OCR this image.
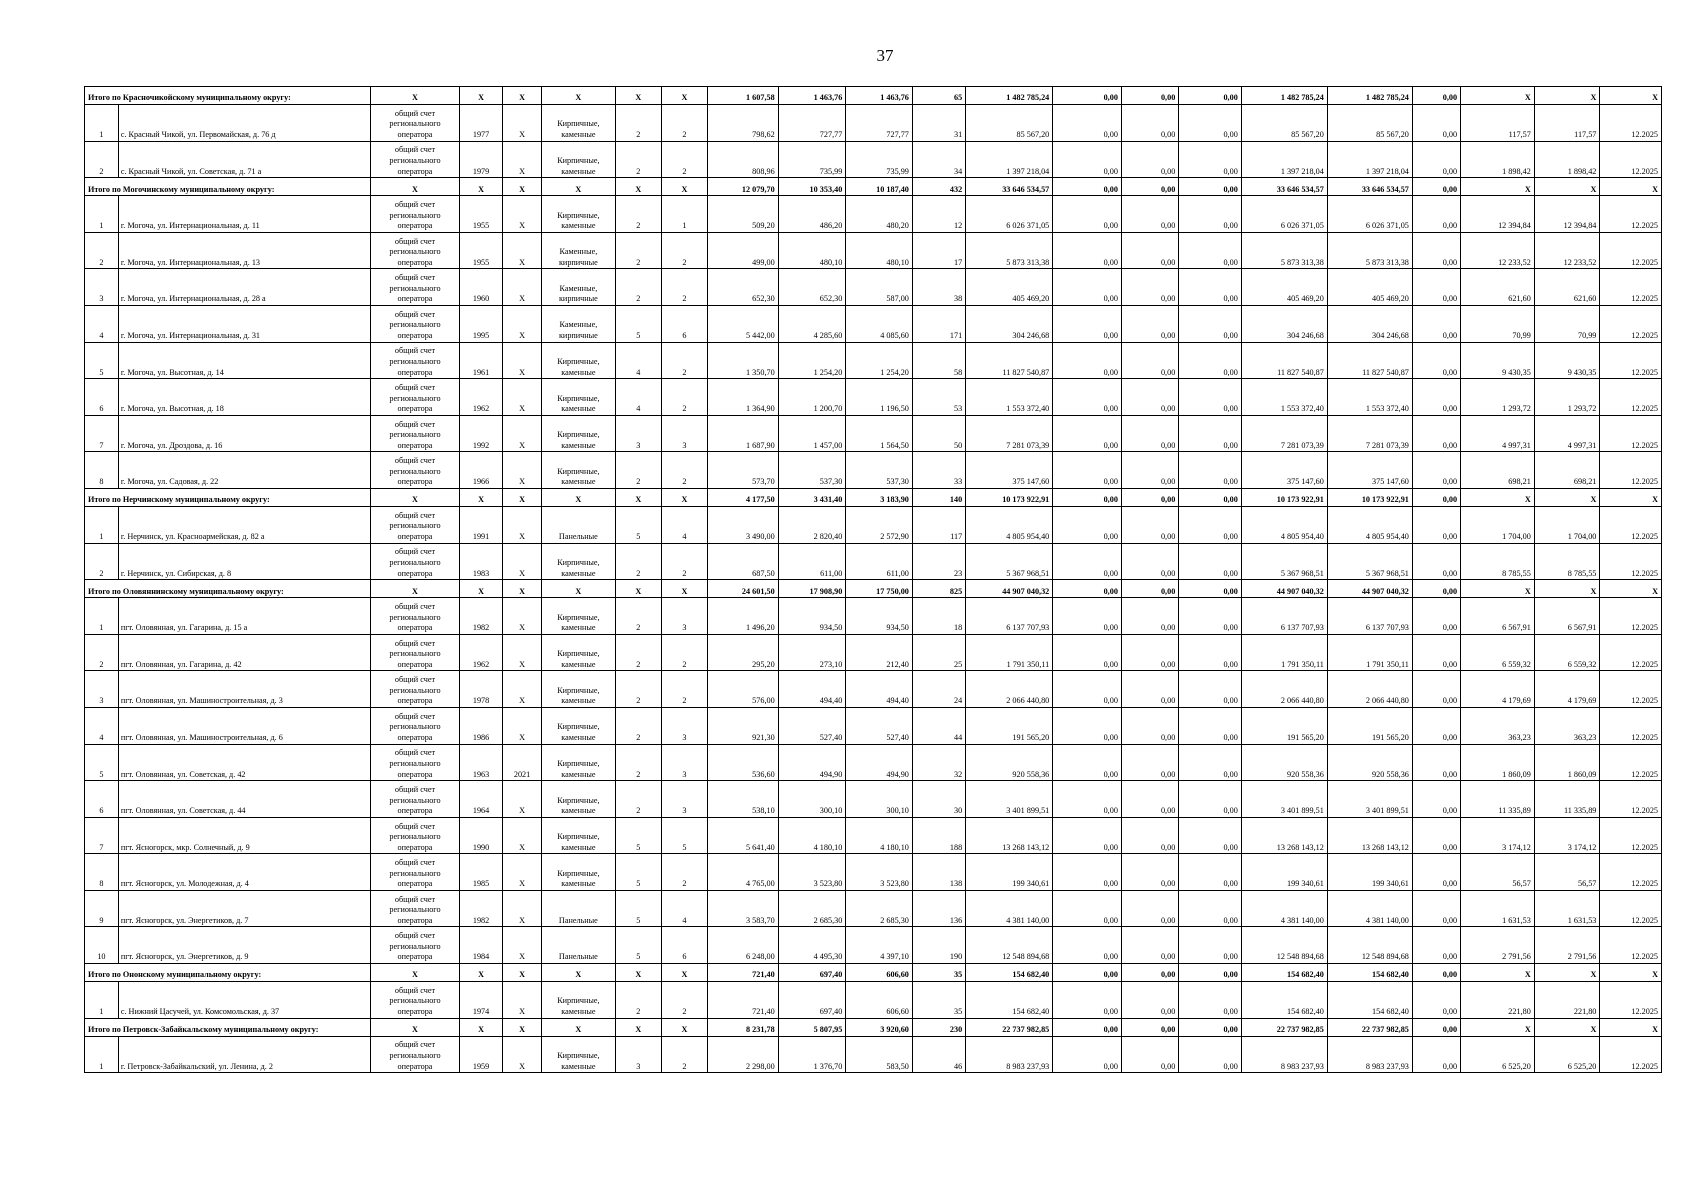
37
Итого по Красночикойскому муниципальному округу:		X	X	X	X	X	X	1 607,58	1 463,76	1 463,76	65	1 482 785,24	0,00	0,00	0,00	1 482 785,24	1 482 785,24	0,00	X	X	X
1	с. Красный Чикой, ул. Первомайская, д. 76 д	общий счет регионального оператора	1977	X	Кирпичные, каменные	2	2	798,62	727,77	727,77	31	85 567,20	0,00	0,00	0,00	85 567,20	85 567,20	0,00	117,57	117,57	12.2025
2	с. Красный Чикой, ул. Советская, д. 71 а	общий счет регионального оператора	1979	X	Кирпичные, каменные	2	2	808,96	735,99	735,99	34	1 397 218,04	0,00	0,00	0,00	1 397 218,04	1 397 218,04	0,00	1 898,42	1 898,42	12.2025
Итого по Могочинскому муниципальному округу:		X	X	X	X	X	X	12 079,70	10 353,40	10 187,40	432	33 646 534,57	0,00	0,00	0,00	33 646 534,57	33 646 534,57	0,00	X	X	X
1	г. Могоча, ул. Интернациональная, д. 11	общий счет регионального оператора	1955	X	Кирпичные, каменные	2	1	509,20	486,20	480,20	12	6 026 371,05	0,00	0,00	0,00	6 026 371,05	6 026 371,05	0,00	12 394,84	12 394,84	12.2025
2	г. Могоча, ул. Интернациональная, д. 13	общий счет регионального оператора	1955	X	Каменные, кирпичные	2	2	499,00	480,10	480,10	17	5 873 313,38	0,00	0,00	0,00	5 873 313,38	5 873 313,38	0,00	12 233,52	12 233,52	12.2025
3	г. Могоча, ул. Интернациональная, д. 28 а	общий счет регионального оператора	1960	X	Каменные, кирпичные	2	2	652,30	652,30	587,00	38	405 469,20	0,00	0,00	0,00	405 469,20	405 469,20	0,00	621,60	621,60	12.2025
4	г. Могоча, ул. Интернациональная, д. 31	общий счет регионального оператора	1995	X	Каменные, кирпичные	5	6	5 442,00	4 285,60	4 085,60	171	304 246,68	0,00	0,00	0,00	304 246,68	304 246,68	0,00	70,99	70,99	12.2025
5	г. Могоча, ул. Высотная, д. 14	общий счет регионального оператора	1961	X	Кирпичные, каменные	4	2	1 350,70	1 254,20	1 254,20	58	11 827 540,87	0,00	0,00	0,00	11 827 540,87	11 827 540,87	0,00	9 430,35	9 430,35	12.2025
6	г. Могоча, ул. Высотная, д. 18	общий счет регионального оператора	1962	X	Кирпичные, каменные	4	2	1 364,90	1 200,70	1 196,50	53	1 553 372,40	0,00	0,00	0,00	1 553 372,40	1 553 372,40	0,00	1 293,72	1 293,72	12.2025
7	г. Могоча, ул. Дроздова, д. 16	общий счет регионального оператора	1992	X	Кирпичные, каменные	3	3	1 687,90	1 457,00	1 564,50	50	7 281 073,39	0,00	0,00	0,00	7 281 073,39	7 281 073,39	0,00	4 997,31	4 997,31	12.2025
8	г. Могоча, ул. Садовая, д. 22	общий счет регионального оператора	1966	X	Кирпичные, каменные	2	2	573,70	537,30	537,30	33	375 147,60	0,00	0,00	0,00	375 147,60	375 147,60	0,00	698,21	698,21	12.2025
Итого по Нерчинскому муниципальному округу:		X	X	X	X	X	X	4 177,50	3 431,40	3 183,90	140	10 173 922,91	0,00	0,00	0,00	10 173 922,91	10 173 922,91	0,00	X	X	X
1	г. Нерчинск, ул. Красноармейская, д. 82 а	общий счет регионального оператора	1991	X	Панельные	5	4	3 490,00	2 820,40	2 572,90	117	4 805 954,40	0,00	0,00	0,00	4 805 954,40	4 805 954,40	0,00	1 704,00	1 704,00	12.2025
2	г. Нерчинск, ул. Сибирская, д. 8	общий счет регионального оператора	1983	X	Кирпичные, каменные	2	2	687,50	611,00	611,00	23	5 367 968,51	0,00	0,00	0,00	5 367 968,51	5 367 968,51	0,00	8 785,55	8 785,55	12.2025
Итого по Оловяннинскому муниципальному округу:		X	X	X	X	X	X	24 601,50	17 908,90	17 750,00	825	44 907 040,32	0,00	0,00	0,00	44 907 040,32	44 907 040,32	0,00	X	X	X
1	пгт. Оловянная, ул. Гагарина, д. 15 а	общий счет регионального оператора	1982	X	Кирпичные, каменные	2	3	1 496,20	934,50	934,50	18	6 137 707,93	0,00	0,00	0,00	6 137 707,93	6 137 707,93	0,00	6 567,91	6 567,91	12.2025
2	пгт. Оловянная, ул. Гагарина, д. 42	общий счет регионального оператора	1962	X	Кирпичные, каменные	2	2	295,20	273,10	212,40	25	1 791 350,11	0,00	0,00	0,00	1 791 350,11	1 791 350,11	0,00	6 559,32	6 559,32	12.2025
3	пгт. Оловянная, ул. Машиностроительная, д. 3	общий счет регионального оператора	1978	X	Кирпичные, каменные	2	2	576,00	494,40	494,40	24	2 066 440,80	0,00	0,00	0,00	2 066 440,80	2 066 440,80	0,00	4 179,69	4 179,69	12.2025
4	пгт. Оловянная, ул. Машиностроительная, д. 6	общий счет регионального оператора	1986	X	Кирпичные, каменные	2	3	921,30	527,40	527,40	44	191 565,20	0,00	0,00	0,00	191 565,20	191 565,20	0,00	363,23	363,23	12.2025
5	пгт. Оловянная, ул. Советская, д. 42	общий счет регионального оператора	1963	2021	Кирпичные, каменные	2	3	536,60	494,90	494,90	32	920 558,36	0,00	0,00	0,00	920 558,36	920 558,36	0,00	1 860,09	1 860,09	12.2025
6	пгт. Оловянная, ул. Советская, д. 44	общий счет регионального оператора	1964	X	Кирпичные, каменные	2	3	538,10	300,10	300,10	30	3 401 899,51	0,00	0,00	0,00	3 401 899,51	3 401 899,51	0,00	11 335,89	11 335,89	12.2025
7	пгт. Ясногорск, мкр. Солнечный, д. 9	общий счет регионального оператора	1990	X	Кирпичные, каменные	5	5	5 641,40	4 180,10	4 180,10	188	13 268 143,12	0,00	0,00	0,00	13 268 143,12	13 268 143,12	0,00	3 174,12	3 174,12	12.2025
8	пгт. Ясногорск, ул. Молодежная, д. 4	общий счет регионального оператора	1985	X	Кирпичные, каменные	5	2	4 765,00	3 523,80	3 523,80	138	199 340,61	0,00	0,00	0,00	199 340,61	199 340,61	0,00	56,57	56,57	12.2025
9	пгт. Ясногорск, ул. Энергетиков, д. 7	общий счет регионального оператора	1982	X	Панельные	5	4	3 583,70	2 685,30	2 685,30	136	4 381 140,00	0,00	0,00	0,00	4 381 140,00	4 381 140,00	0,00	1 631,53	1 631,53	12.2025
10	пгт. Ясногорск, ул. Энергетиков, д. 9	общий счет регионального оператора	1984	X	Панельные	5	6	6 248,00	4 495,30	4 397,10	190	12 548 894,68	0,00	0,00	0,00	12 548 894,68	12 548 894,68	0,00	2 791,56	2 791,56	12.2025
Итого по Ононскому муниципальному округу:		X	X	X	X	X	X	721,40	697,40	606,60	35	154 682,40	0,00	0,00	0,00	154 682,40	154 682,40	0,00	X	X	X
1	с. Нижний Цасучей, ул. Комсомольская, д. 37	общий счет регионального оператора	1974	X	Кирпичные, каменные	2	2	721,40	697,40	606,60	35	154 682,40	0,00	0,00	0,00	154 682,40	154 682,40	0,00	221,80	221,80	12.2025
Итого по Петровск-Забайкальскому муниципальному округу:		X	X	X	X	X	X	8 231,78	5 807,95	3 920,60	230	22 737 982,85	0,00	0,00	0,00	22 737 982,85	22 737 982,85	0,00	X	X	X
1	г. Петровск-Забайкальский, ул. Ленина, д. 2	общий счет регионального оператора	1959	X	Кирпичные, каменные	3	2	2 298,00	1 376,70	583,50	46	8 983 237,93	0,00	0,00	0,00	8 983 237,93	8 983 237,93	0,00	6 525,20	6 525,20	12.2025
